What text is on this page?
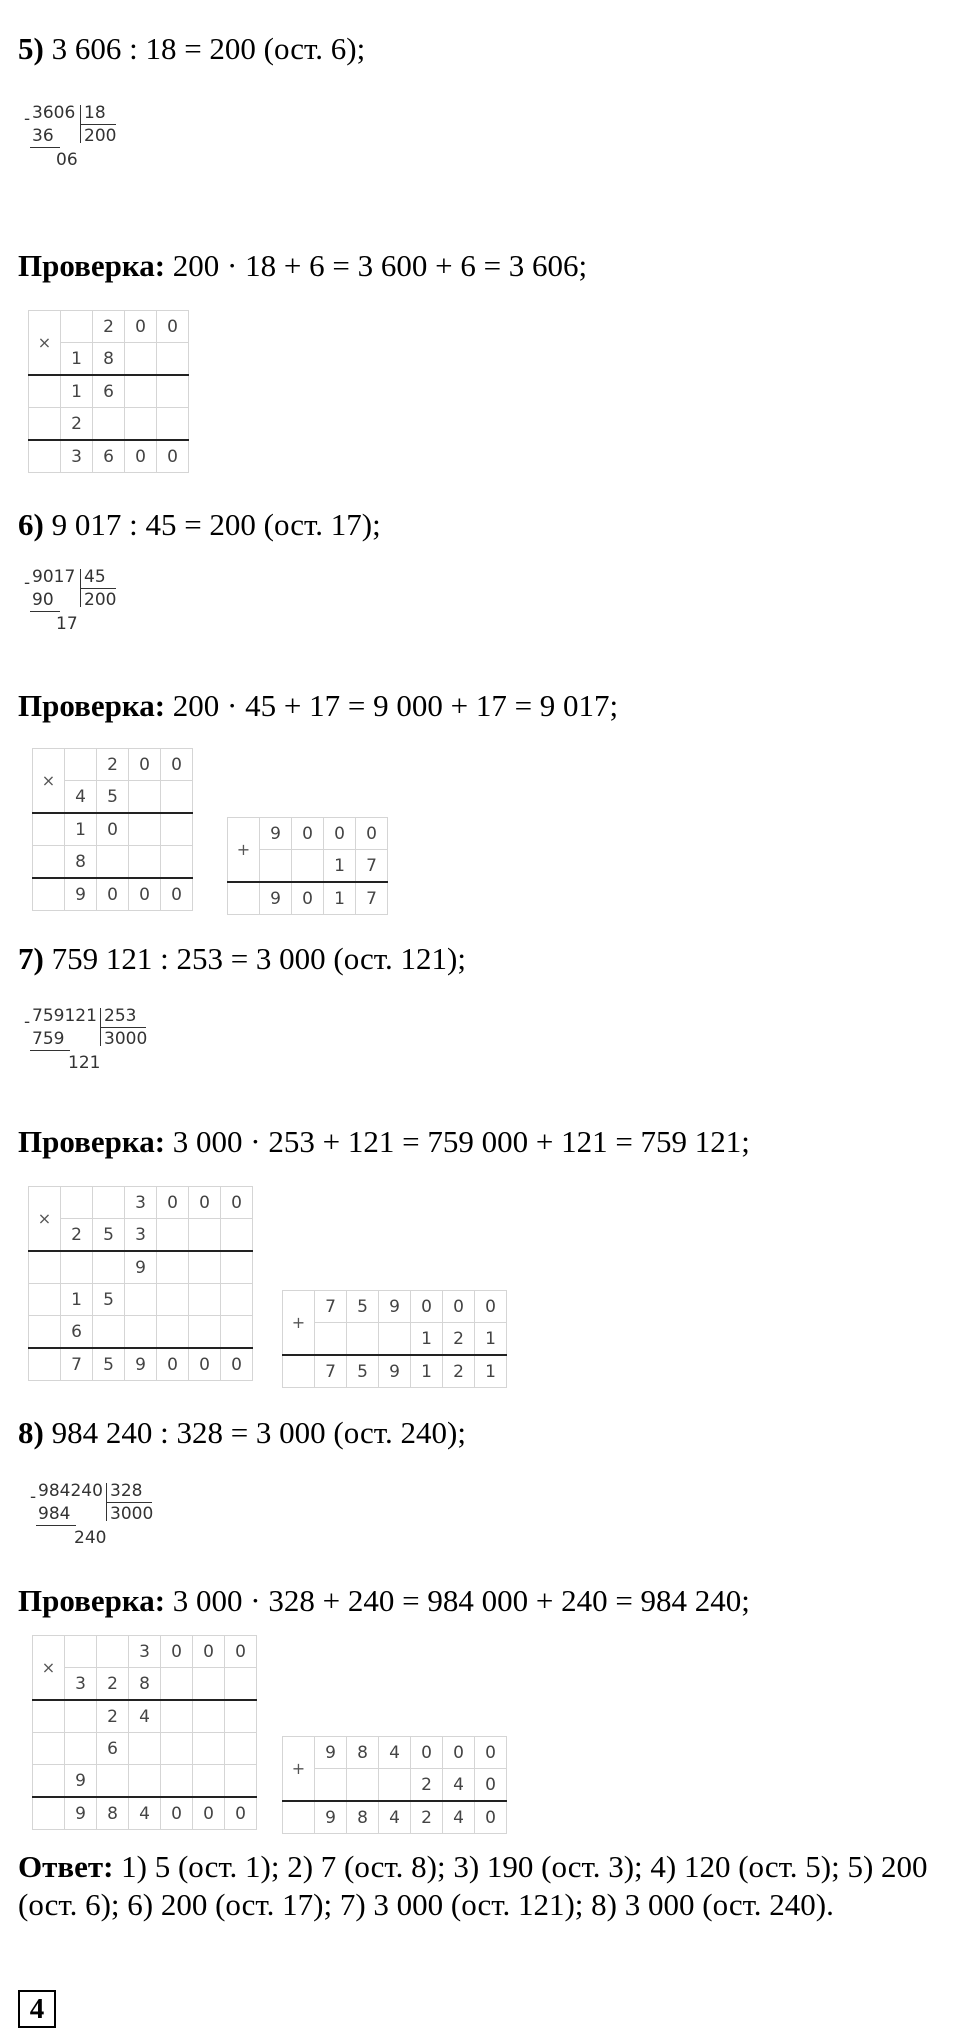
5) 3 606 : 18 = 200 (ост. 6);
- 3606 18
36 200
06
Проверка: 200 · 18 + 6 = 3 600 + 6 = 3 606;
×		2	0	0
	1	8		
	1	6		
	2			
	3	6	0	0
6) 9 017 : 45 = 200 (ост. 17);
- 9017 45
90 200
17
Проверка: 200 · 45 + 17 = 9 000 + 17 = 9 017;
×		2	0	0
	4	5		
	1	0		
	8			
	9	0	0	0
+	9	0	0	0
			1	7
	9	0	1	7
7) 759 121 : 253 = 3 000 (ост. 121);
- 759121 253
759 3000
121
Проверка: 3 000 · 253 + 121 = 759 000 + 121 = 759 121;
×			3	0	0	0
	2	5	3			
			9			
	1	5				
	6					
	7	5	9	0	0	0
+	7	5	9	0	0	0
				1	2	1
	7	5	9	1	2	1
8) 984 240 : 328 = 3 000 (ост. 240);
- 984240 328
984 3000
240
Проверка: 3 000 · 328 + 240 = 984 000 + 240 = 984 240;
×			3	0	0	0
	3	2	8			
		2	4			
		6				
	9					
	9	8	4	0	0	0
+	9	8	4	0	0	0
				2	4	0
	9	8	4	2	4	0
Ответ: 1) 5 (ост. 1); 2) 7 (ост. 8); 3) 190 (ост. 3); 4) 120 (ост. 5); 5) 200 (ост. 6); 6) 200 (ост. 17); 7) 3 000 (ост. 121); 8) 3 000 (ост. 240).
4
